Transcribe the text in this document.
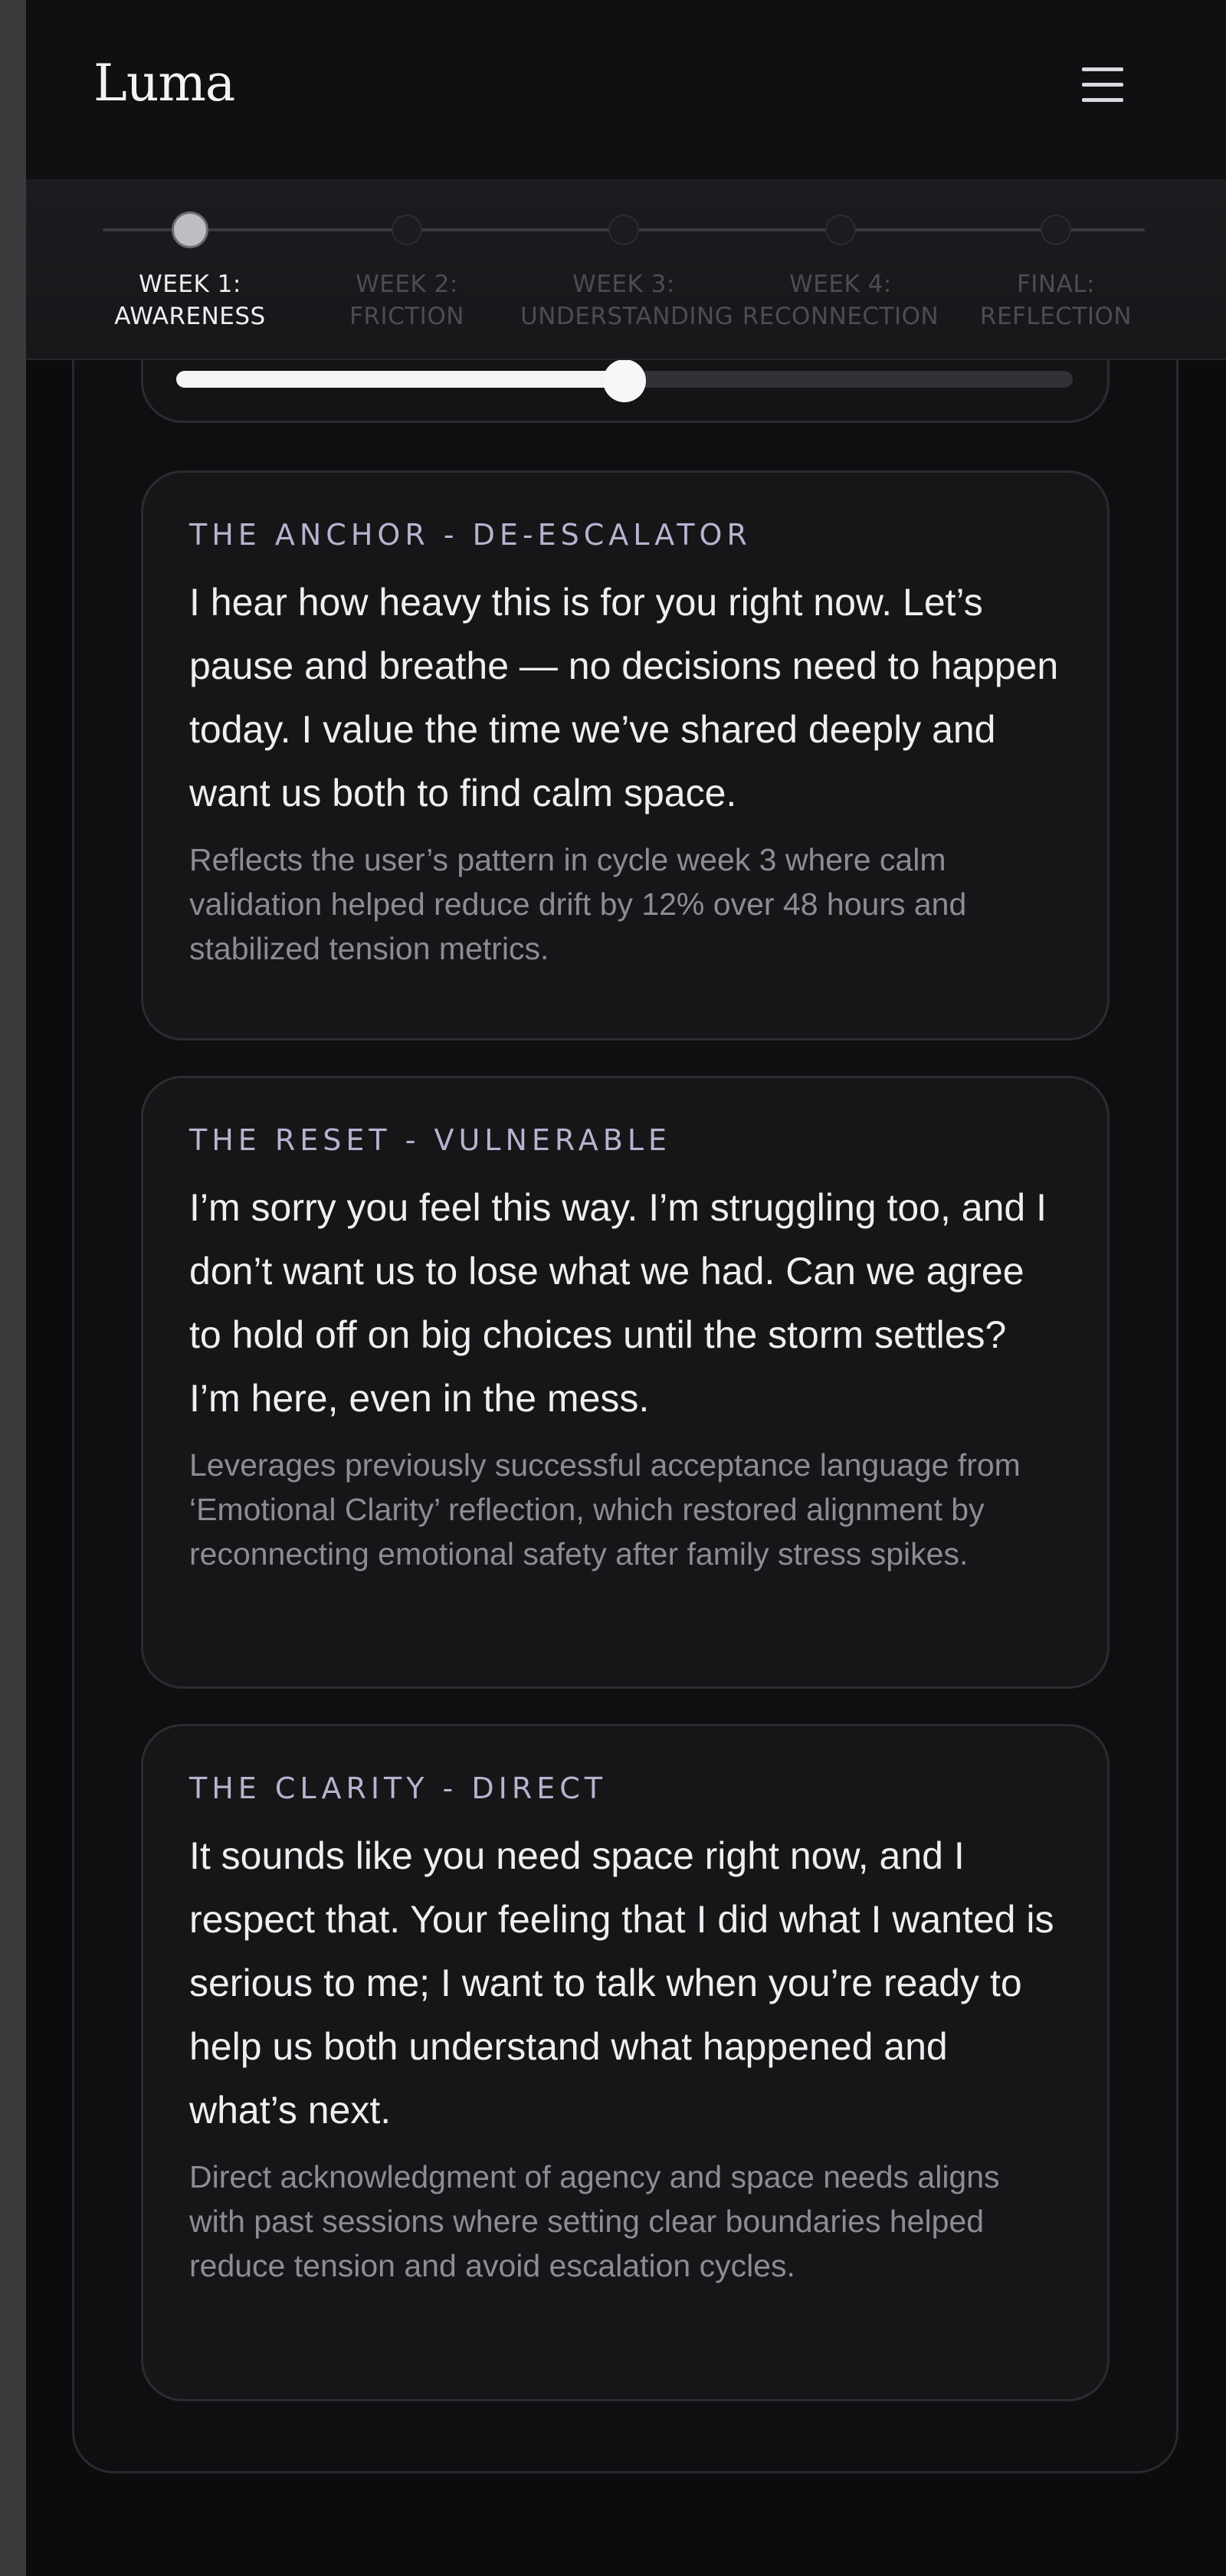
THE ANCHOR - DE-ESCALATOR
I hear how heavy this is for you right now. Let’s pause and breathe — no decisions need to happen today. I value the time we’ve shared deeply and want us both to find calm space.
Reflects the user’s pattern in cycle week 3 where calm validation helped reduce drift by 12% over 48 hours and stabilized tension metrics.
THE RESET - VULNERABLE
I’m sorry you feel this way. I’m struggling too, and I don’t want us to lose what we had. Can we agree to hold off on big choices until the storm settles? I’m here, even in the mess.
Leverages previously successful acceptance language from ‘Emotional Clarity’ reflection, which restored alignment by reconnecting emotional safety after family stress spikes.
THE CLARITY - DIRECT
It sounds like you need space right now, and I respect that. Your feeling that I did what I wanted is serious to me; I want to talk when you’re ready to help us both understand what happened and what’s next.
Direct acknowledgment of agency and space needs aligns with past sessions where setting clear boundaries helped reduce tension and avoid escalation cycles.
Luma
WEEK 1:
AWARENESS
WEEK 2:
FRICTION
WEEK 3:
UNDERSTANDING
WEEK 4:
RECONNECTION
FINAL:
REFLECTION
